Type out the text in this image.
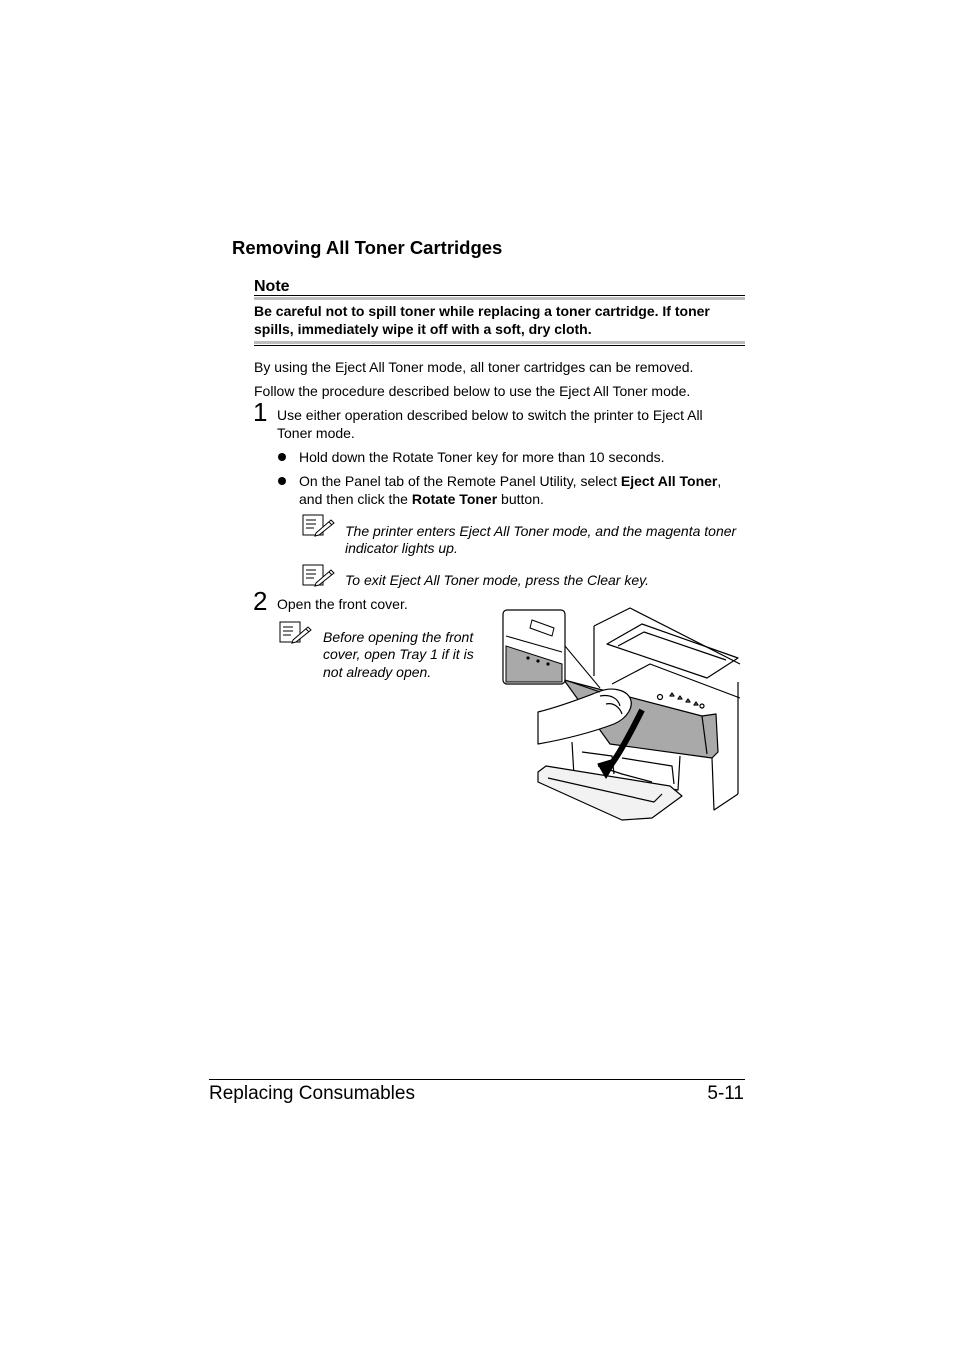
Removing All Toner Cartridges
Note
Be careful not to spill toner while replacing a toner cartridge. If toner spills, immediately wipe it off with a soft, dry cloth.
By using the Eject All Toner mode, all toner cartridges can be removed.
Follow the procedure described below to use the Eject All Toner mode.
1 Use either operation described below to switch the printer to Eject All
Toner mode.
Hold down the Rotate Toner key for more than 10 seconds.
On the Panel tab of the Remote Panel Utility, select Eject All Toner,
and then click the Rotate Toner button.
The printer enters Eject All Toner mode, and the magenta toner
indicator lights up.
To exit Eject All Toner mode, press the Clear key.
2 Open the front cover.
Before opening the front
cover, open Tray 1 if it is
not already open.
Replacing Consumables	5-11
